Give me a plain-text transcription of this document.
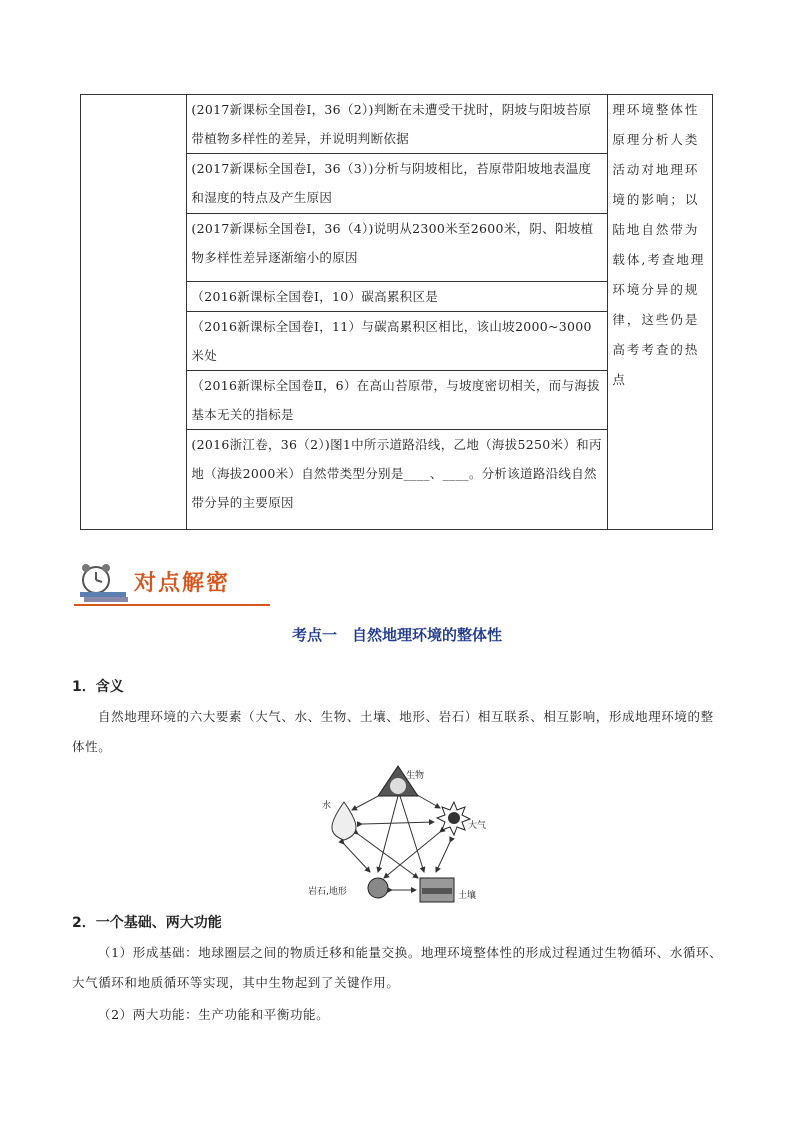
	(2017新课标全国卷Ⅰ，36（2）)判断在未遭受干扰时，阴坡与阳坡苔原带植物多样性的差异，并说明判断依据	理环境整体性原理分析人类活动对地理环境的影响；以陆地自然带为载体,考查地理环境分异的规律，这些仍是高考考查的热点
(2017新课标全国卷Ⅰ，36（3）)分析与阴坡相比，苔原带阳坡地表温度和湿度的特点及产生原因
(2017新课标全国卷Ⅰ，36（4）)说明从2300米至2600米，阴、阳坡植物多样性差异逐渐缩小的原因
（2016新课标全国卷Ⅰ，10）碳高累积区是
（2016新课标全国卷Ⅰ，11）与碳高累积区相比，该山坡2000~3000米处
（2016新课标全国卷Ⅱ，6）在高山苔原带，与坡度密切相关，而与海拔基本无关的指标是
(2016浙江卷，36（2）)图1中所示道路沿线，乙地（海拔5250米）和丙地（海拔2000米）自然带类型分别是____、____。分析该道路沿线自然带分异的主要原因
对点解密
考点一　自然地理环境的整体性
1．含义
自然地理环境的六大要素（大气、水、生物、土壤、地形、岩石）相互联系、相互影响，形成地理环境的整体性。
生物
大气
水
岩石,地形	土壤
2．一个基础、两大功能
（1）形成基础：地球圈层之间的物质迁移和能量交换。地理环境整体性的形成过程通过生物循环、水循环、大气循环和地质循环等实现，其中生物起到了关键作用。
（2）两大功能：生产功能和平衡功能。
